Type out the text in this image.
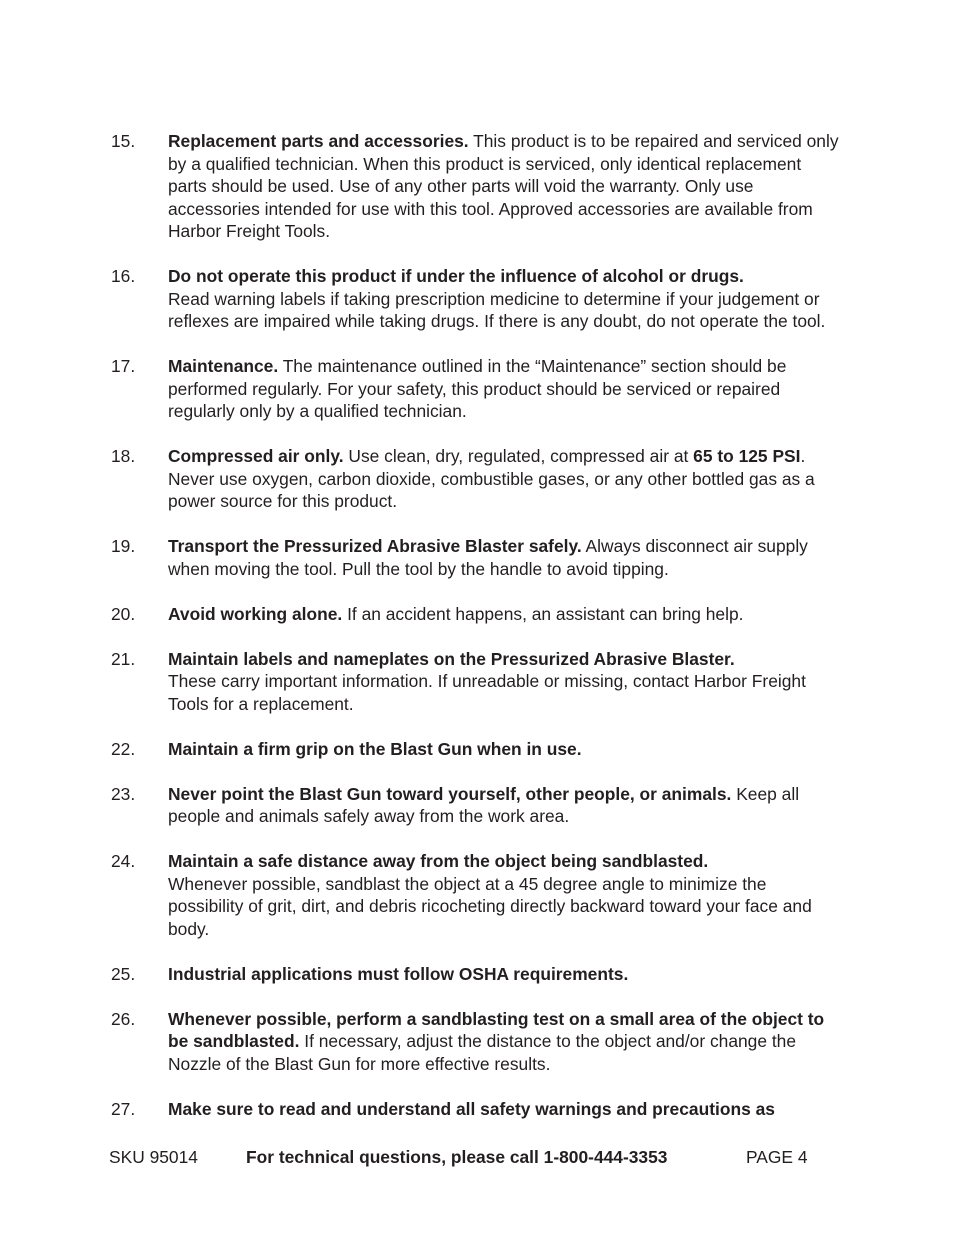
15.	Replacement parts and accessories. This product is to be repaired and serviced only by a qualified technician. When this product is serviced, only identical replacement parts should be used. Use of any other parts will void the warranty. Only use accessories intended for use with this tool. Approved accessories are available from Harbor Freight Tools.
16.	Do not operate this product if under the influence of alcohol or drugs.
Read warning labels if taking prescription medicine to determine if your judgement or reflexes are impaired while taking drugs. If there is any doubt, do not operate the tool.
17.	Maintenance. The maintenance outlined in the “Maintenance” section should be performed regularly. For your safety, this product should be serviced or repaired regularly only by a qualified technician.
18.	Compressed air only. Use clean, dry, regulated, compressed air at 65 to 125 PSI. Never use oxygen, carbon dioxide, combustible gases, or any other bottled gas as a power source for this product.
19.	Transport the Pressurized Abrasive Blaster safely. Always disconnect air supply when moving the tool. Pull the tool by the handle to avoid tipping.
20.	Avoid working alone. If an accident happens, an assistant can bring help.
21.	Maintain labels and nameplates on the Pressurized Abrasive Blaster.
These carry important information. If unreadable or missing, contact Harbor Freight Tools for a replacement.
22.	Maintain a firm grip on the Blast Gun when in use.
23.	Never point the Blast Gun toward yourself, other people, or animals. Keep all people and animals safely away from the work area.
24.	Maintain a safe distance away from the object being sandblasted.
Whenever possible, sandblast the object at a 45 degree angle to minimize the possibility of grit, dirt, and debris ricocheting directly backward toward your face and body.
25.	Industrial applications must follow OSHA requirements.
26.	Whenever possible, perform a sandblasting test on a small area of the object to be sandblasted. If necessary, adjust the distance to the object and/or change the Nozzle of the Blast Gun for more effective results.
27.	Make sure to read and understand all safety warnings and precautions as
SKU 95014	For technical questions, please call 1-800-444-3353	PAGE 4
